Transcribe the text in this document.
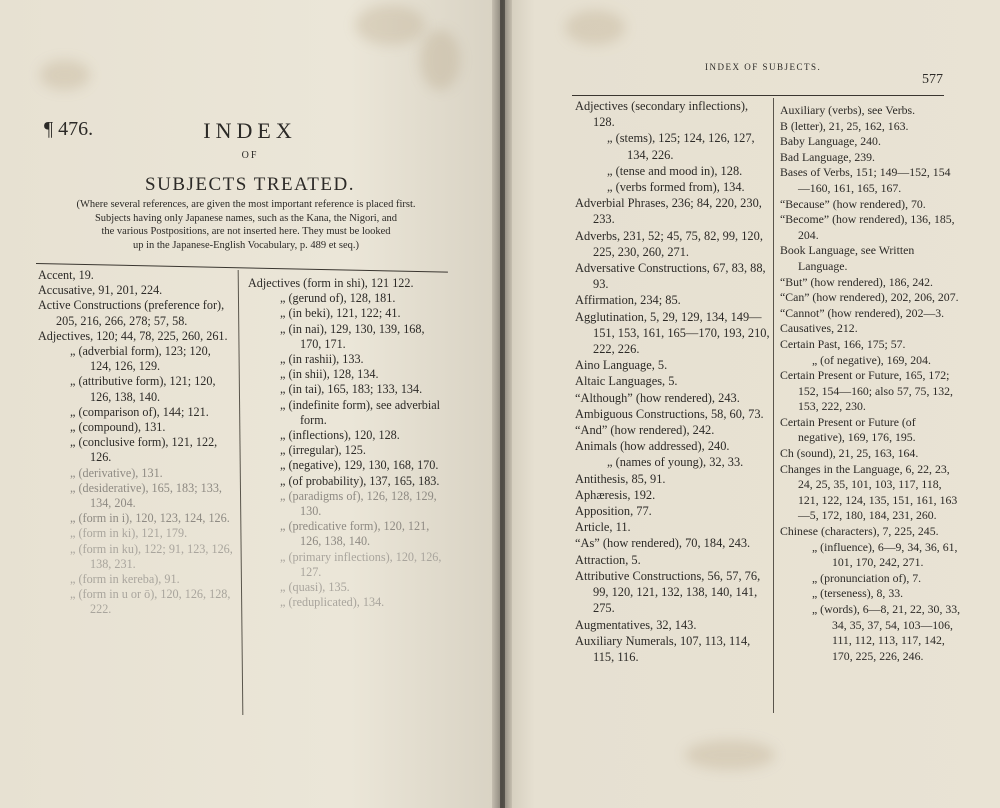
¶ 476.	INDEX
OF
SUBJECTS TREATED.
(Where several references, are given the most important reference is placed first.
Subjects having only Japanese names, such as the Kana, the Nigori, and
the various Postpositions, are not inserted here. They must be looked
up in the Japanese-English Vocabulary, p. 489 et seq.)

Accent, 19.

Accusative, 91, 201, 224.

Active Constructions (preference for), 205, 216, 266, 278; 57, 58.

Adjectives, 120; 44, 78, 225, 260, 261.

„ (adverbial form), 123; 120, 124, 126, 129.

„ (attributive form), 121; 120, 126, 138, 140.

„ (comparison of), 144; 121.

„ (compound), 131.

„ (conclusive form), 121, 122, 126.

„ (derivative), 131.

„ (desiderative), 165, 183; 133, 134, 204.

„ (form in i), 120, 123, 124, 126.

„ (form in ki), 121, 179.

„ (form in ku), 122; 91, 123, 126, 138, 231.

„ (form in kereba), 91.

„ (form in u or ō), 120, 126, 128, 222.

Adjectives (form in shi), 121 122.

„ (gerund of), 128, 181.

„ (in beki), 121, 122; 41.

„ (in nai), 129, 130, 139, 168, 170, 171.

„ (in rashii), 133.

„ (in shii), 128, 134.

„ (in tai), 165, 183; 133, 134.

„ (indefinite form), see adverbial form.

„ (inflections), 120, 128.

„ (irregular), 125.

„ (negative), 129, 130, 168, 170.

„ (of probability), 137, 165, 183.

„ (paradigms of), 126, 128, 129, 130.

„ (predicative form), 120, 121, 126, 138, 140.

„ (primary inflections), 120, 126, 127.

„ (quasi), 135.

„ (reduplicated), 134.

INDEX OF SUBJECTS.
577

Adjectives (secondary inflections), 128.

„ (stems), 125; 124, 126, 127, 134, 226.

„ (tense and mood in), 128.

„ (verbs formed from), 134.

Adverbial Phrases, 236; 84, 220, 230, 233.

Adverbs, 231, 52; 45, 75, 82, 99, 120, 225, 230, 260, 271.

Adversative Constructions, 67, 83, 88, 93.

Affirmation, 234; 85.

Agglutination, 5, 29, 129, 134, 149—151, 153, 161, 165—170, 193, 210, 222, 226.

Aino Language, 5.

Altaic Languages, 5.

“Although” (how rendered), 243.

Ambiguous Constructions, 58, 60, 73.

“And” (how rendered), 242.

Animals (how addressed), 240.

„ (names of young), 32, 33.

Antithesis, 85, 91.

Aphæresis, 192.

Apposition, 77.

Article, 11.

“As” (how rendered), 70, 184, 243.

Attraction, 5.

Attributive Constructions, 56, 57, 76, 99, 120, 121, 132, 138, 140, 141, 275.

Augmentatives, 32, 143.

Auxiliary Numerals, 107, 113, 114, 115, 116.

Auxiliary (verbs), see Verbs.

B (letter), 21, 25, 162, 163.

Baby Language, 240.

Bad Language, 239.

Bases of Verbs, 151; 149—152, 154 —160, 161, 165, 167.

“Because” (how rendered), 70.

“Become” (how rendered), 136, 185, 204.

Book Language, see Written Language.

“But” (how rendered), 186, 242.

“Can” (how rendered), 202, 206, 207.

“Cannot” (how rendered), 202—3.

Causatives, 212.

Certain Past, 166, 175; 57.

„ (of negative), 169, 204.

Certain Present or Future, 165, 172; 152, 154—160; also 57, 75, 132, 153, 222, 230.

Certain Present or Future (of negative), 169, 176, 195.

Ch (sound), 21, 25, 163, 164.

Changes in the Language, 6, 22, 23, 24, 25, 35, 101, 103, 117, 118, 121, 122, 124, 135, 151, 161, 163—5, 172, 180, 184, 231, 260.

Chinese (characters), 7, 225, 245.

„ (influence), 6—9, 34, 36, 61, 101, 170, 242, 271.

„ (pronunciation of), 7.

„ (terseness), 8, 33.

„ (words), 6—8, 21, 22, 30, 33, 34, 35, 37, 54, 103—106, 111, 112, 113, 117, 142, 170, 225, 226, 246.
